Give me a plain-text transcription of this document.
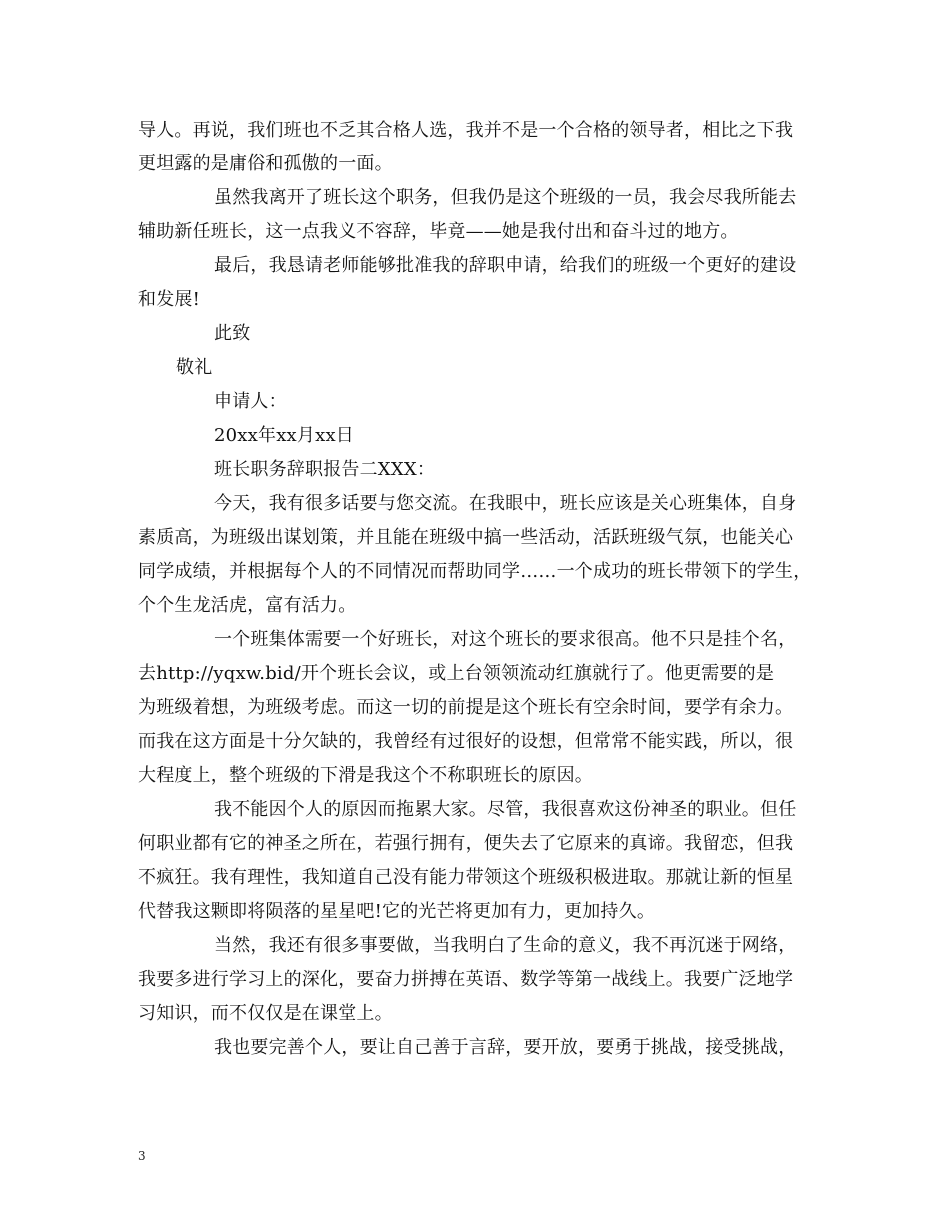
导人。再说，我们班也不乏其合格人选，我并不是一个合格的领导者，相比之下我
更坦露的是庸俗和孤傲的一面。
虽然我离开了班长这个职务，但我仍是这个班级的一员，我会尽我所能去
辅助新任班长，这一点我义不容辞，毕竟——她是我付出和奋斗过的地方。
最后，我恳请老师能够批准我的辞职申请，给我们的班级一个更好的建设
和发展!
此致
敬礼
申请人：
20xx年xx月xx日
班长职务辞职报告二XXX：
今天，我有很多话要与您交流。在我眼中，班长应该是关心班集体，自身
素质高，为班级出谋划策，并且能在班级中搞一些活动，活跃班级气氛，也能关心
同学成绩，并根据每个人的不同情况而帮助同学……一个成功的班长带领下的学生，
个个生龙活虎，富有活力。
一个班集体需要一个好班长，对这个班长的要求很高。他不只是挂个名，
去http://yqxw.bid/开个班长会议，或上台领领流动红旗就行了。他更需要的是
为班级着想，为班级考虑。而这一切的前提是这个班长有空余时间，要学有余力。
而我在这方面是十分欠缺的，我曾经有过很好的设想，但常常不能实践，所以，很
大程度上，整个班级的下滑是我这个不称职班长的原因。
我不能因个人的原因而拖累大家。尽管，我很喜欢这份神圣的职业。但任
何职业都有它的神圣之所在，若强行拥有，便失去了它原来的真谛。我留恋，但我
不疯狂。我有理性，我知道自己没有能力带领这个班级积极进取。那就让新的恒星
代替我这颗即将陨落的星星吧!它的光芒将更加有力，更加持久。
当然，我还有很多事要做，当我明白了生命的意义，我不再沉迷于网络，
我要多进行学习上的深化，要奋力拼搏在英语、数学等第一战线上。我要广泛地学
习知识，而不仅仅是在课堂上。
我也要完善个人，要让自己善于言辞，要开放，要勇于挑战，接受挑战，
3
